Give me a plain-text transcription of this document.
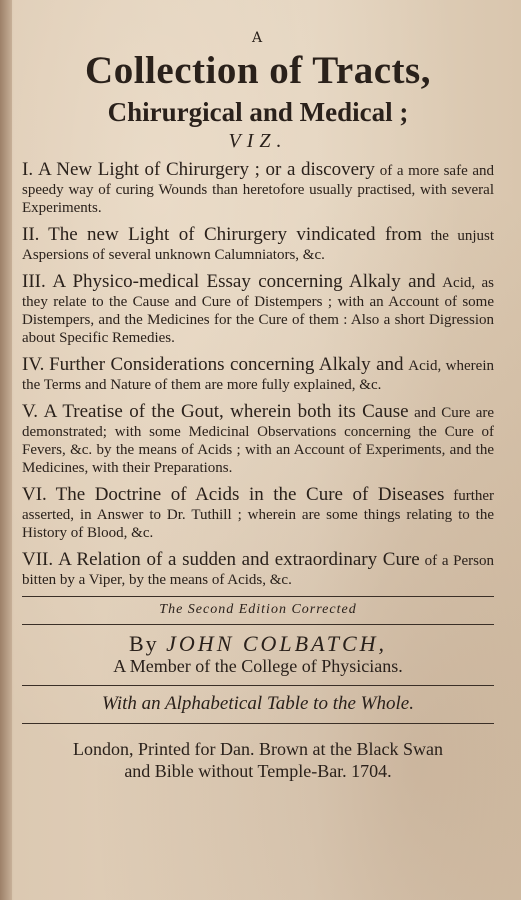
A

Collection of Tracts,
Chirurgical and Medical ;

VIZ.

I. A New Light of Chirurgery ; or a discovery of a more safe and speedy way of curing Wounds than heretofore usually practised, with several Experiments.
II. The new Light of Chirurgery vindicated from the unjust Aspersions of several unknown Calumniators, &c.
III. A Physico-medical Essay concerning Alkaly and Acid, as they relate to the Cause and Cure of Distempers ; with an Account of some Distempers, and the Medicines for the Cure of them : Also a short Digression about Specific Remedies.
IV. Further Considerations concerning Alkaly and Acid, wherein the Terms and Nature of them are more fully explained, &c.
V. A Treatise of the Gout, wherein both its Cause and Cure are demonstrated; with some Medicinal Observations concerning the Cure of Fevers, &c. by the means of Acids ; with an Account of Experiments, and the Medicines, with their Preparations.
VI. The Doctrine of Acids in the Cure of Diseases further asserted, in Answer to Dr. Tuthill ; wherein are some things relating to the History of Blood, &c.
VII. A Relation of a sudden and extraordinary Cure of a Person bitten by a Viper, by the means of Acids, &c.

The Second Edition Corrected

By JOHN COLBATCH,

A Member of the College of Physicians.

With an Alphabetical Table to the Whole.

London, Printed for Dan. Brown at the Black Swan
and Bible without Temple-Bar. 1704.
